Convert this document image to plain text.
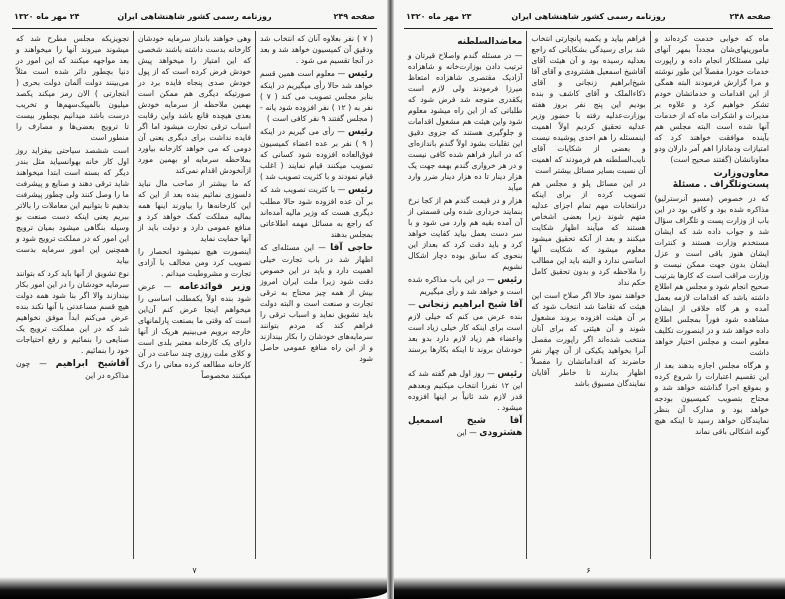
صفحه ۲۴۹
روزنامه رسمی کشور شاهنشاهی ایران
۲۴ مهر ماه ۱۳۲۰

( ۷ ) نفر بعلاوه آنان که انتخاب شد ودقیق آن کمیسیون خواهد شد و بعد در آنجا تقسیم می شود .

رئیس — معلوم است همین قسم خواهد شد حالا رأی میگیریم در اینکه بنابر مجلس تصویب می کند ( ۷ ) نفر به ( ۱۲ ) نفر افزوده شود یانه - ( مجلس گفتند ۹ نفر کافی است )

رئیس — رأی می گیریم در اینکه ( ۹ ) نفر بر عده اعضاء کمیسیون فوق‌العاده افزوده شود کسانی که تصویب میکنند قیام نمایند ( اغلب قیام نمودند و با کثریت تصویب شد )

رئیس — با کثریت تصویب شد که بر آن عده افزوده شود حالا مطلب دیگری هست که وزیر مالیه آمده‌اند که راجع به مسائل مهمه اطلاعاتی بمجلس بدهند

حاجی آقا — این مسئله‌ای که اظهار شد در باب تجارت خیلی اهمیت دارد و باید در این خصوص دقت شود زیرا ملت ایران امروز بیش از همه چیز محتاج به ترقی تجارت و صنعت است و البته دولت باید تشویق نماید و اسباب ترقی را فراهم کند که مردم بتوانند سرمایه‌های خودشان را بکار بیندازند و از این راه منافع عمومی حاصل شود

وهی خواهند بانداز سرمایه خودشان کارخانه بدست داشته باشند شخصی که این امتیاز را میخواهد پیش خودش فرض کرده است که از پول خودش صدی پنجاه فایده برد در صورتیکه دیگری هم ممکن است بهمین ملاحظه از سرمایه خودش بعدی هیچده قانع باشد واین رقابت اسباب ترقی تجارت میشود اما اگر فایده نداشت برای دیگری یعنی آن دومی که می خواهد کارخانه بیاورد بملاحظه سرمایه او بهمین مورد ازآنخودش اقدام نمی‌کند

که ما بیشتر از صاحب مال نباید دلسوزی نمائیم بنده بعد از این که این کارخانه‌ها را بیاورند اینها همه بمالیه مملکت کمک خواهد کرد و منافع عمومی دارد و دولت باید از آنها حمایت نماید

اینصورت هیچ نمیشود انحصار را تصویب کرد ومن مخالف با آزادی تجارت و مشروطیت میدانم .

وزیر فوائدعامه — عرض شود بنده اولاً یکمطلب اساسی را میخواهم اینجا عرض کنم آن‌این است که وقتی ما بصنعت پارلمانهای خارجه برویم می‌بینیم هریک از آنها دارای یک کارخانه معتبر بلدی است و کلای ملت روزی چند ساعت در آن کارخانه مطالعه کرده معانی را درک میکنند مخصوصاً

تجویزیکه مجلس مطرح شد که میشوند میروند آنها را میخواهند و بعد مواجهه میکنند که این امور در دنیا بچطور دائر شده است مثلاً می‌بینند دولت آلمان دولت بحری ( ابتجارتی ) الان رمز میکند یکصد میلیون بالمپیک‌سهم‌ها و تخریب درست باشد میدانیم بچطور بیست تا ترویج بعضی‌ها و مصارف را منطور است

است ششصد سیاحتی بیفزاید روز اول کار خانه بهوانسیاید مثل بندر دیگر که بسته است ابتدا میخواهند شاید ترقی دهند و صنایع و پیشرفت ما را وصل کنند ولی چطور پیشرفت بدهیم تا بتوانیم این معاملات را بالاتر ببریم یعنی اینکه دست صنعت بو وسیله بنگاهی میشود بمیان ترویج این امور که در مملکت ترویج شود و همچنین این امور سرمایه بدست بیاید

نوع تشویق از آنها باید کرد که بتوانند سرمایه خودشان را در این امور بکار بیندازند والا اگر بنا شود همه دولت هیچ قسم مساعدتی با آنها نکند بنده عرض می‌کنم ابداً موفق نخواهیم شد که در این مملکت ترویج یک صنایعی را بنمائیم و رفع احتیاجات خود را بنمائیم .

آقاشیخ ابراهیم — چون مذاکره در این

۷
صفحه ۲۴۸
روزنامه رسمی کشور شاهنشاهی ایران
۲۳ مهر ماه ۱۳۲۰

ماه که خوابی خدمت کرده‌اند و مأمورینهای‌شان مجدداً بمهر آنهای تیلی مسئلکار انجام داده و راپورت خدمات خودرا مفصلاً این طور نوشته و مرا گزارش فرمودند البته همگی از این اقدامات و خدماتشان خودم تشکر خواهیم کرد و علاوه بر مدیرات و اشکرات ماه که از خدمات آنها شده است البته مجلس هم بآینده موافقت خواهند کرد که امتیازات ودمادارا اهم آمر دارلان ودو معاونانشان (گفتند صحیح است)

معاون‌وزارت پست‌وتلگراف . مسئلهٔ

که در خصوص (مسیو آنرسترلیو) مذاکره شده بود و کافی بود در این باب از وزارت پست و تلگراف سؤال شد و جواب داده شد که ایشان مستخدم وزارت هستند و کنترات ایشان هنوز باقی است و عزل ایشان بدون جهت ممکن نیست و وزارت مراقب است که کارها بترتیب صحیح انجام شود و مجلس هم اطلاع داشته باشد که اقدامات لازمه بعمل آمده و هر گاه خلافی از ایشان مشاهده شود فوراً بمجلس اطلاع داده خواهد شد و در اینصورت تکلیف معلوم است و مجلس اختیار خواهد داشت

و هرگاه مجلس اجازه بدهند بعد از این تقسیم اعتبارات را شروع کرده و بموقع اجرا گذاشته خواهد شد و محتاج بتصویب کمیسیون بودجه خواهد بود و مدارک آن بنظر نمایندگان خواهد رسید تا اینکه هیچ گونه اشکالی باقی نماند

فراهم بیاید و یکمیه پانچارتی انتخاب شد برای رسیدگی بشکایاتی که راجع بعدلیه رسیده بود و آن هیئت آقای آقاشیخ اسمعیل هشترودی و آقای آقا شیخ‌ابراهیم زنجانی و آقای ذکاءالملک و آقای کاشف و بنده بودیم این پنج نفر بروز هفته بوزارت‌عدلیه رفته با حضور وزیر عدلیه تحقیق کردیم اولاً اهمیت اینمسئله‌ را هم احدی پوشیده نیست و بعضی از شکایات آقای نایب‌السلطنه هم فرمودند که اهمیت آن نسبت بسایر مسائل بیشتر است

در این مسائل پلو و مجلس هم تصویب کرده از برای اینکه درانتخابات مهم تمام اجزای عدلیه متهم شوند زیرا بعضی اشخاص هستند که میآیند اظهار شکایت میکنند و بعد از آنکه تحقیق میشود معلوم میشود که شکایت آنها اساسی ندارد و البته باید این مطالب را ملاحظه کرد و بدون تحقیق کامل حکم نداد

خواهند نمود حالا اگر صلاح است این هیئت که تقاضا شد انتخاب شود که بر آن هیئت افزوده بروند مشغول شوند و آن هیئتی که برای آنان منتخب شده‌اند اگر راپورت مفصل آنرا بخواهید یکیکی از آن چهار نفر حاضرند که اقداماتشان را مفصلاً اظهار بدارند تا خاطر آقایان نمایندگان مسبوق باشد

معاضدالسلطنه

— در مسئله گندم واصلاح قیرتان و ترتیب دادن بوزارت‌خانه و شاهزاده آزادیک مقتصری شاهزاده امتعاظ میرزا فرمودند ولی لازم است یکقدری متوجه شد فرض شود که طلباتی که از این راه میشود معلوم شود واین هیئت هم مشغول اقدامات و جلوگیری هستند که جزوی دقیق این تقلبات بشود اولاً گندم باندازه‌ای که در انبار فراهم شده کافی نیست و در هر خرواری گندم بهمه جهت یک هزار دینار تا ده هزار دینار ضرر وارد میآید

هزار و در قیمت گندم هم از کجا نرخ بنمایند خرداری شده ولی قسمتی از آن آمده بقیه هم وارد می شود و با سر دست بعمل بیاید کفایت خواهد کرد و باید دقت کرد که بعداز این بنحوی که سابق بوده دچار اشکال نشویم

رئیس — در این باب مذاکره شده است و خواهد شد و رأی میگیریم

آقا شیخ ابراهیم زنجانی — بنده عرض می کنم که خیلی لازم است برای اینکه کار خیلی زیاد است واعضاء هم زیاد لازم دارد بدو بعد خودشان بروند تا اینکه بکارها برسند .

رئیس — روز اول هم گفته شد که این ۱۲ نفررا انتخاب میکنیم وبعدهم قدر لازم شد ثانیاً بر اینها افزوده میشود .

آقا شیخ اسمعیل هشترودی — این

۶
